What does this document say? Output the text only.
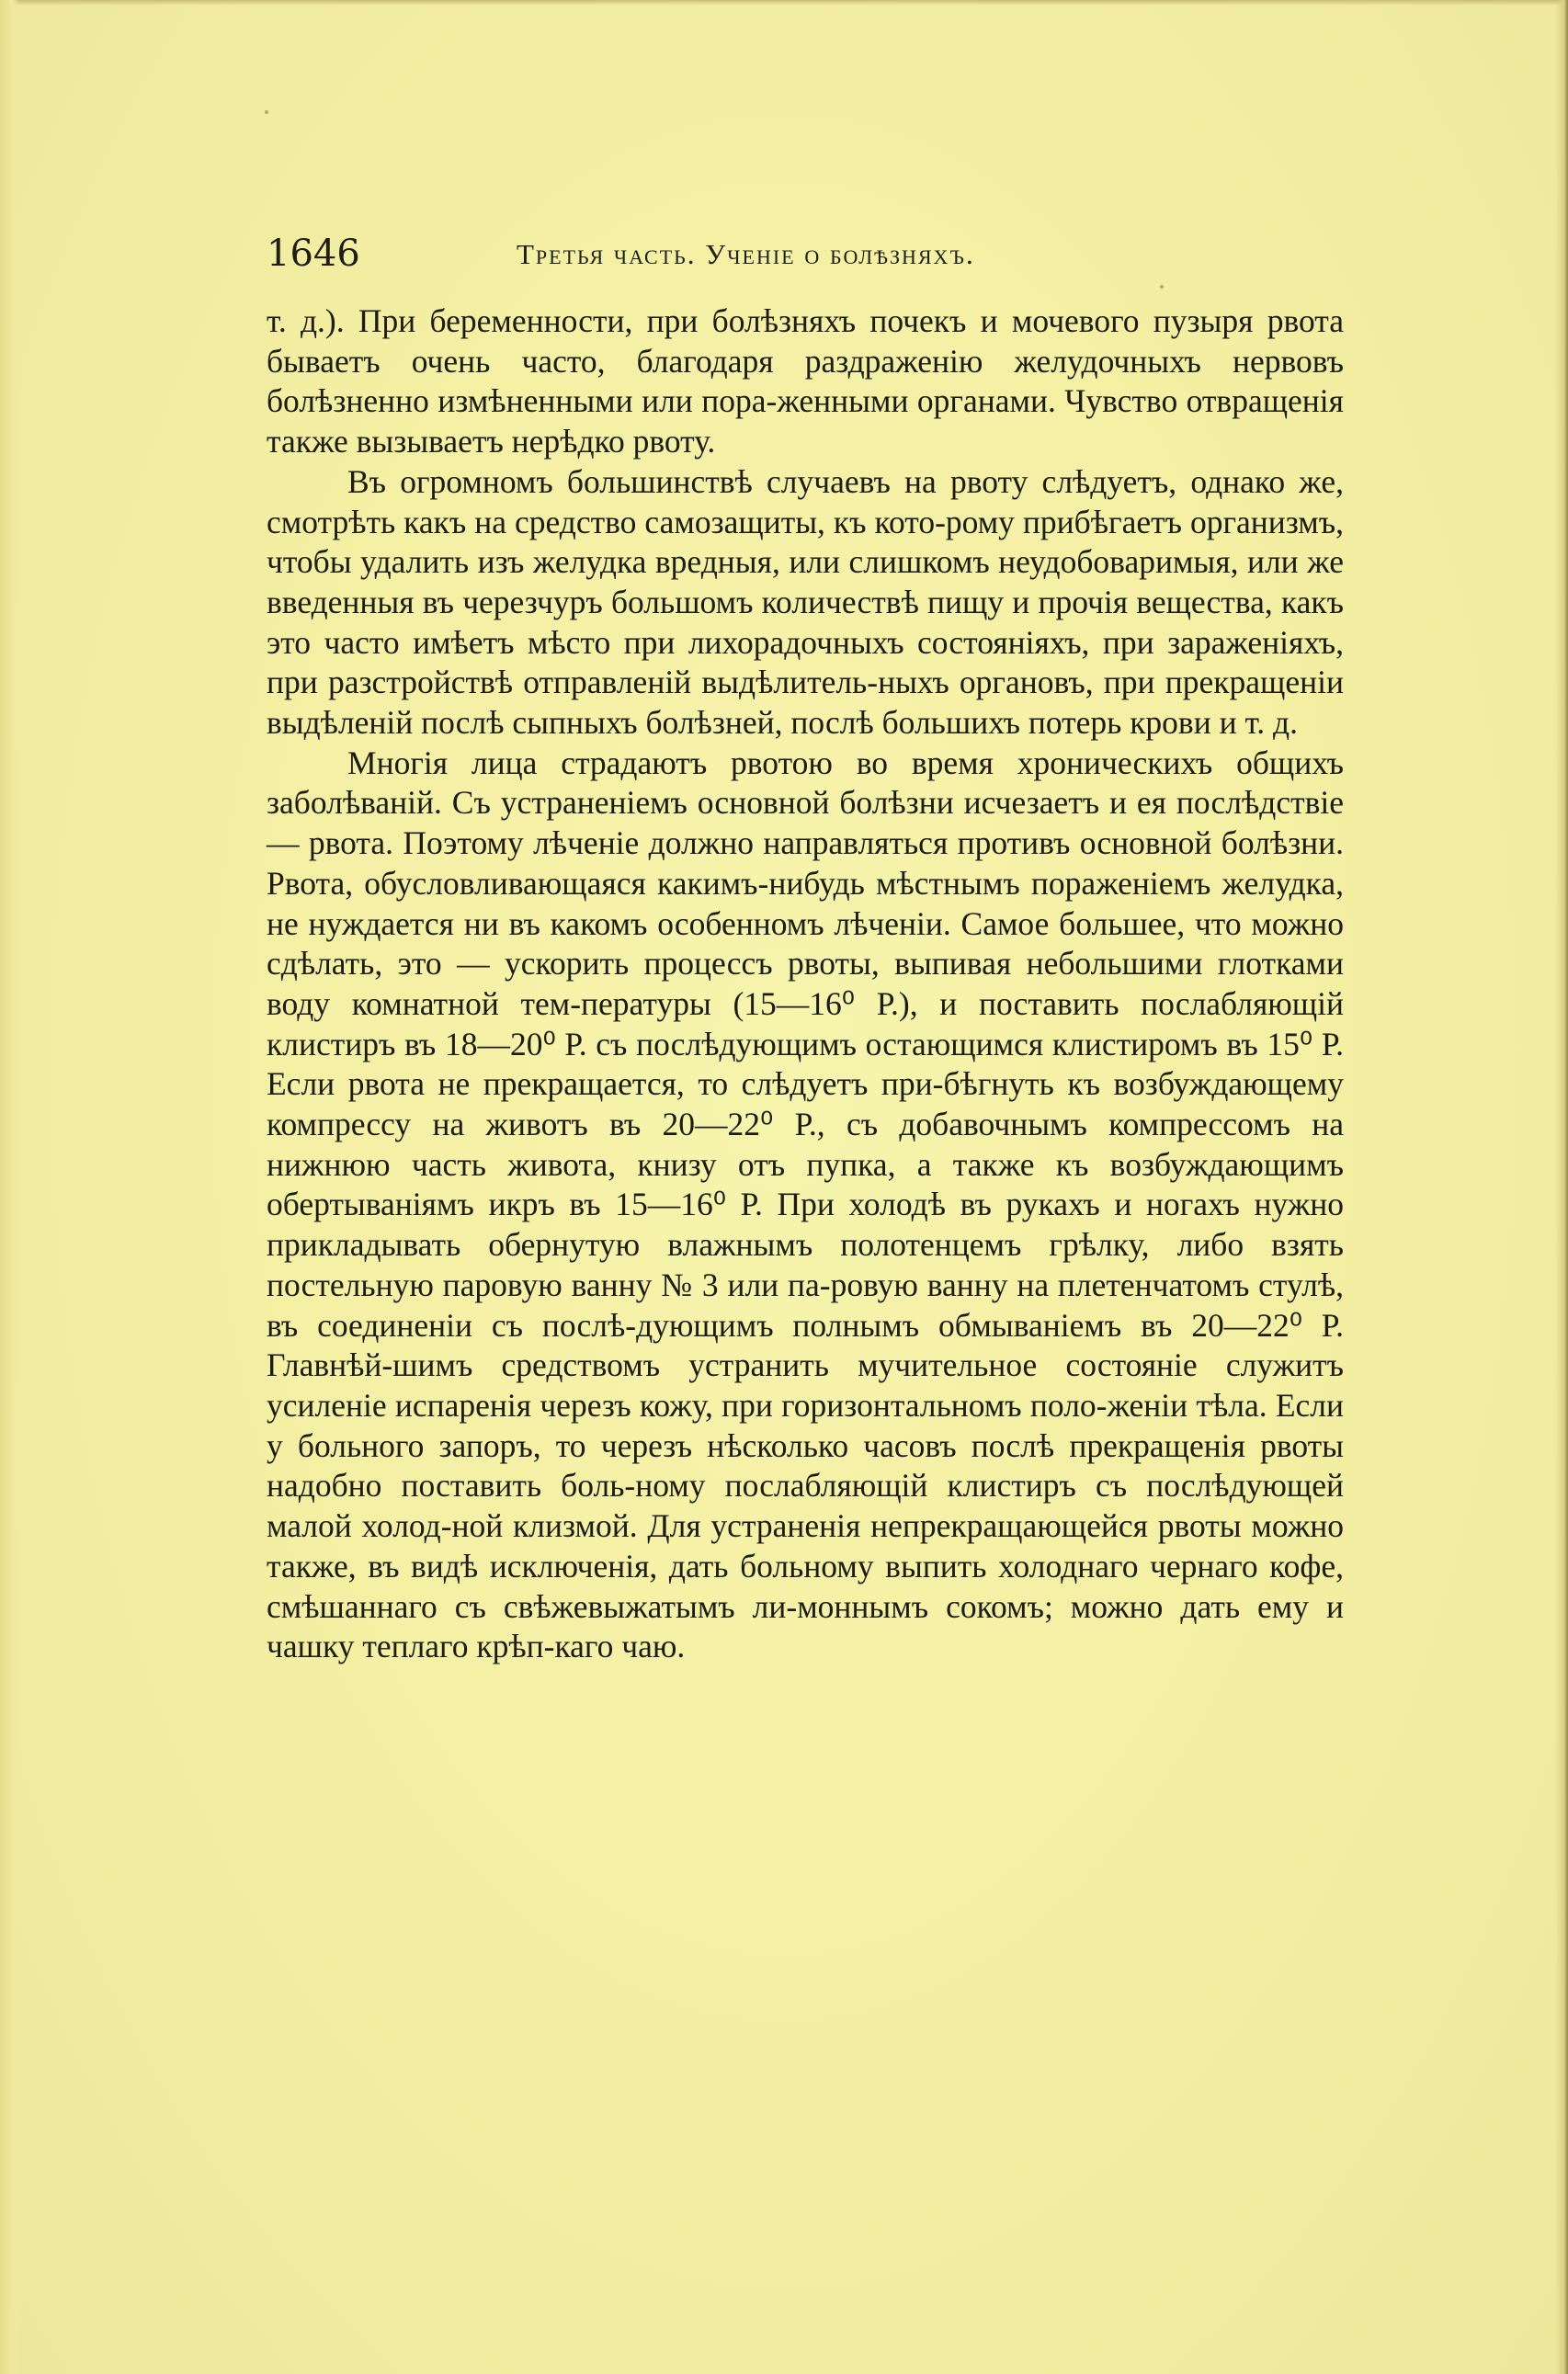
1646	Третья часть. Ученіе о болѣзняхъ.

т. д.). При беременности, при болѣзняхъ почекъ и мочевого пузыря рвота бываетъ очень часто, благодаря раздраженію желудочныхъ нервовъ болѣзненно измѣненными или пора-женными органами. Чувство отвращенія также вызываетъ нерѣдко рвоту.

Въ огромномъ большинствѣ случаевъ на рвоту слѣдуетъ, однако же, смотрѣть какъ на средство самозащиты, къ кото-рому прибѣгаетъ организмъ, чтобы удалить изъ желудка вредныя, или слишкомъ неудобоваримыя, или же введенныя въ черезчуръ большомъ количествѣ пищу и прочія вещества, какъ это часто имѣетъ мѣсто при лихорадочныхъ состояніяхъ, при зараженіяхъ, при разстройствѣ отправленій выдѣлитель-ныхъ органовъ, при прекращеніи выдѣленій послѣ сыпныхъ болѣзней, послѣ большихъ потерь крови и т. д.

Многія лица страдаютъ рвотою во время хроническихъ общихъ заболѣваній. Съ устраненіемъ основной болѣзни исчезаетъ и ея послѣдствіе — рвота. Поэтому лѣченіе должно направляться противъ основной болѣзни. Рвота, обусловливающаяся какимъ-нибудь мѣстнымъ пораженіемъ желудка, не нуждается ни въ какомъ особенномъ лѣченіи. Самое большее, что можно сдѣлать, это — ускорить процессъ рвоты, выпивая небольшими глотками воду комнатной тем-пературы (15—16⁰ Р.), и поставить послабляющій клистиръ въ 18—20⁰ Р. съ послѣдующимъ остающимся клистиромъ въ 15⁰ Р. Если рвота не прекращается, то слѣдуетъ при-бѣгнуть къ возбуждающему компрессу на животъ въ 20—22⁰ Р., съ добавочнымъ компрессомъ на нижнюю часть живота, книзу отъ пупка, а также къ возбуждающимъ обертываніямъ икръ въ 15—16⁰ Р. При холодѣ въ рукахъ и ногахъ нужно прикладывать обернутую влажнымъ полотенцемъ грѣлку, либо взять постельную паровую ванну № 3 или па-ровую ванну на плетенчатомъ стулѣ, въ соединеніи съ послѣ-дующимъ полнымъ обмываніемъ въ 20—22⁰ Р. Главнѣй-шимъ средствомъ устранить мучительное состояніе служитъ усиленіе испаренія черезъ кожу, при горизонтальномъ поло-женіи тѣла. Если у больного запоръ, то черезъ нѣсколько часовъ послѣ прекращенія рвоты надобно поставить боль-ному послабляющій клистиръ съ послѣдующей малой холод-ной клизмой. Для устраненія непрекращающейся рвоты можно также, въ видѣ исключенія, дать больному выпить холоднаго чернаго кофе, смѣшаннаго съ свѣжевыжатымъ ли-моннымъ сокомъ; можно дать ему и чашку теплаго крѣп-каго чаю.
